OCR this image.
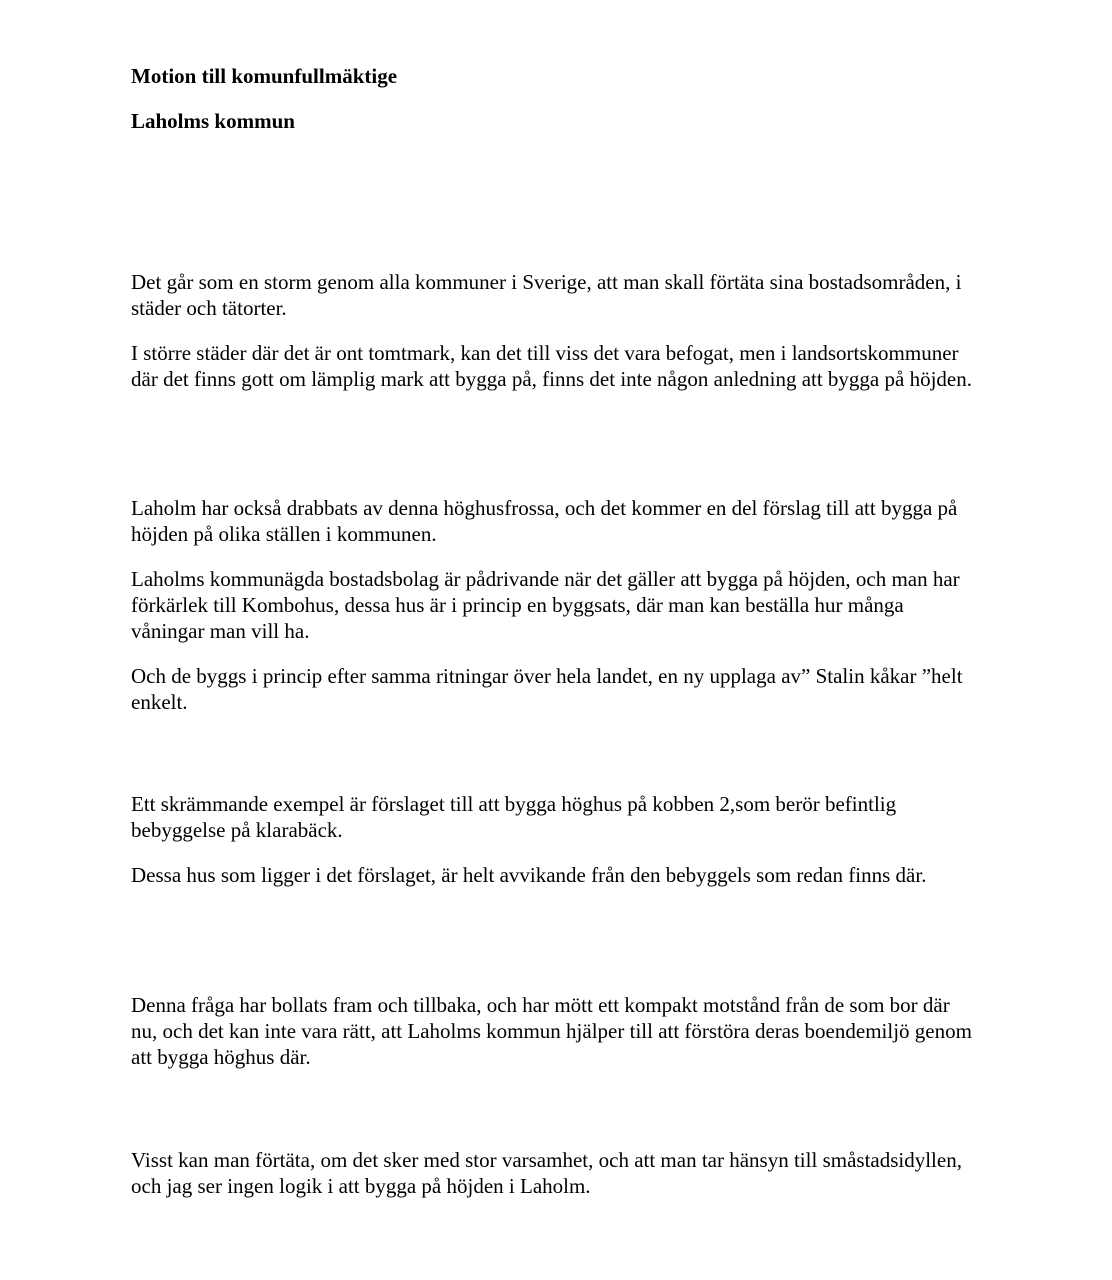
Motion till komunfullmäktige
Laholms kommun

Det går som en storm genom alla kommuner i Sverige, att man skall förtäta sina bostadsområden, i städer och tätorter.

I större städer där det är ont tomtmark, kan det till viss det vara befogat, men i landsortskommuner där det finns gott om lämplig mark att bygga på, finns det inte någon anledning att bygga på höjden.

Laholm har också drabbats av denna höghusfrossa, och det kommer en del förslag till att bygga på höjden på olika ställen i kommunen.

Laholms kommunägda bostadsbolag är pådrivande när det gäller att bygga på höjden, och man har förkärlek till Kombohus, dessa hus är i princip en byggsats, där man kan beställa hur många våningar man vill ha.

Och de byggs i princip efter samma ritningar över hela landet, en ny upplaga av” Stalin kåkar ”helt enkelt.

Ett skrämmande exempel är förslaget till att bygga höghus på kobben 2,som berör befintlig bebyggelse på klarabäck.

Dessa hus som ligger i det förslaget, är helt avvikande från den bebyggels som redan finns där.

Denna fråga har bollats fram och tillbaka, och har mött ett kompakt motstånd från de som bor där nu, och det kan inte vara rätt, att Laholms kommun hjälper till att förstöra deras boendemiljö genom att bygga höghus där.

Visst kan man förtäta, om det sker med stor varsamhet, och att man tar hänsyn till småstadsidyllen, och jag ser ingen logik i att bygga på höjden i Laholm.
